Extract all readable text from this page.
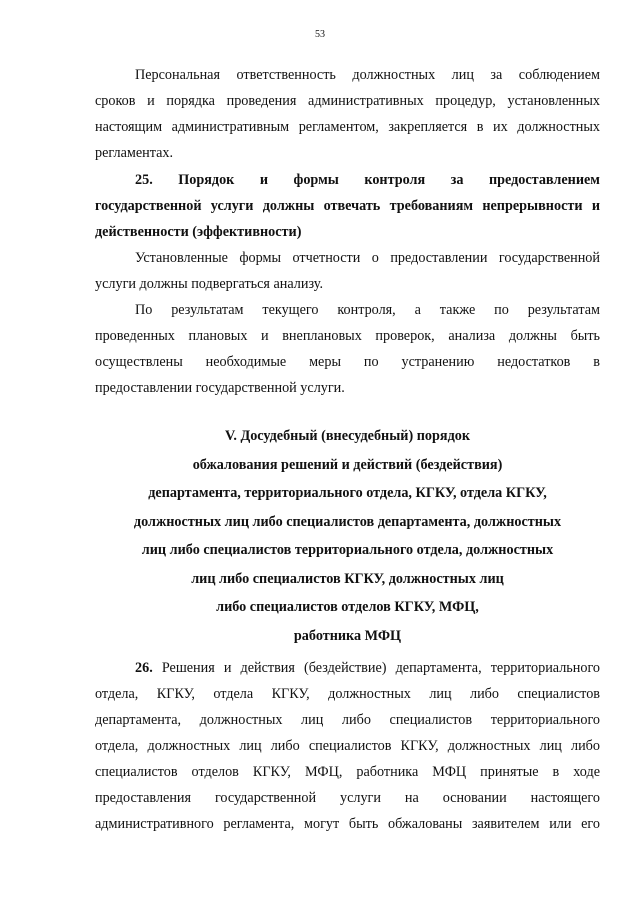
53
Персональная ответственность должностных лиц за соблюдением
сроков и порядка проведения административных процедур, установленных
настоящим административным регламентом, закрепляется в их должностных
регламентах.
25. Порядок и формы контроля за предоставлением
государственной услуги должны отвечать требованиям непрерывности и
действенности (эффективности)
Установленные формы отчетности о предоставлении государственной
услуги должны подвергаться анализу.
По результатам текущего контроля, а также по результатам
проведенных плановых и внеплановых проверок, анализа должны быть
осуществлены необходимые меры по устранению недостатков в
предоставлении государственной услуги.
V. Досудебный (внесудебный) порядок
обжалования решений и действий (бездействия)
департамента, территориального отдела, КГКУ, отдела КГКУ,
должностных лиц либо специалистов департамента, должностных
лиц либо специалистов территориального отдела, должностных
лиц либо специалистов КГКУ, должностных лиц
либо специалистов отделов КГКУ, МФЦ,
работника МФЦ
26. Решения и действия (бездействие) департамента, территориального
отдела, КГКУ, отдела КГКУ, должностных лиц либо специалистов
департамента, должностных лиц либо специалистов территориального
отдела, должностных лиц либо специалистов КГКУ, должностных лиц либо
специалистов отделов КГКУ, МФЦ, работника МФЦ принятые в ходе
предоставления государственной услуги на основании настоящего
административного регламента, могут быть обжалованы заявителем или его
